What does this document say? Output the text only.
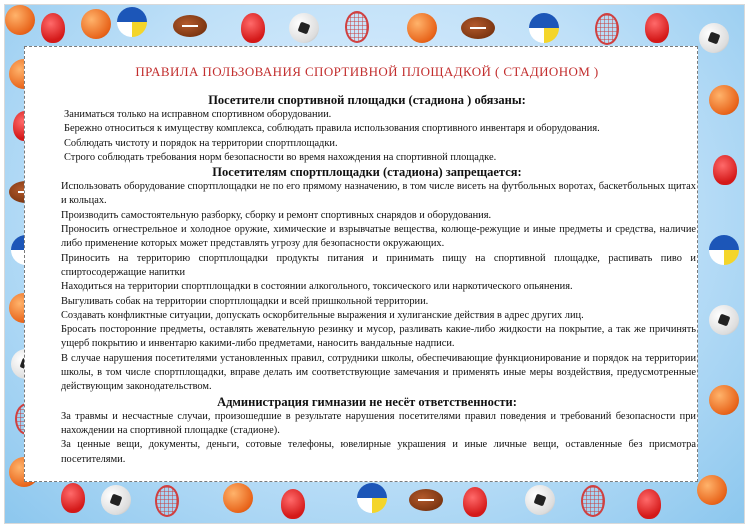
ПРАВИЛА ПОЛЬЗОВАНИЯ СПОРТИВНОЙ ПЛОЩАДКОЙ ( СТАДИОНОМ )

Посетители спортивной площадки (стадиона ) обязаны:

Заниматься только на исправном спортивном оборудовании.

Бережно относиться к имуществу комплекса, соблюдать правила использования спортивного инвентаря и оборудования.

Соблюдать чистоту и порядок на территории спортплощадки.

Строго соблюдать требования норм безопасности во время нахождения на спортивной площадке.

Посетителям спортплощадки (стадиона) запрещается:

Использовать оборудование спортплощадки не по его прямому назначению, в том числе висеть на футбольных воротах, баскетбольных щитах и кольцах.

Производить самостоятельную разборку, сборку и ремонт спортивных снарядов и оборудования.

Проносить огнестрельное и холодное оружие, химические и взрывчатые вещества, колюще-режущие и иные предметы и средства, наличие либо применение которых может представлять угрозу для безопасности окружающих.

Приносить на территорию спортплощадки продукты питания и принимать пищу на спортивной площадке, распивать пиво и спиртосодержащие напитки

Находиться на территории спортплощадки в состоянии алкогольного, токсического или наркотического опьянения.

Выгуливать собак на территории спортплощадки и всей пришкольной территории.

Создавать конфликтные ситуации, допускать оскорбительные выражения и хулиганские действия в адрес других лиц.

Бросать посторонние предметы, оставлять жевательную резинку и мусор, разливать какие-либо жидкости на покрытие, а так же причинять ущерб покрытию и инвентарю какими-либо предметами, наносить вандальные надписи.

В случае нарушения посетителями установленных правил, сотрудники школы, обеспечивающие функционирование и порядок на территории школы, в том числе спортплощадки, вправе делать им соответствующие замечания и применять иные меры воздействия, предусмотренные действующим законодательством.

Администрация гимназии не несёт ответственности:

За травмы и несчастные случаи, произошедшие в результате нарушения посетителями правил поведения и требований безопасности при нахождении на спортивной площадке (стадионе).

За ценные вещи, документы, деньги, сотовые телефоны, ювелирные украшения и иные личные вещи, оставленные без присмотра посетителями.
